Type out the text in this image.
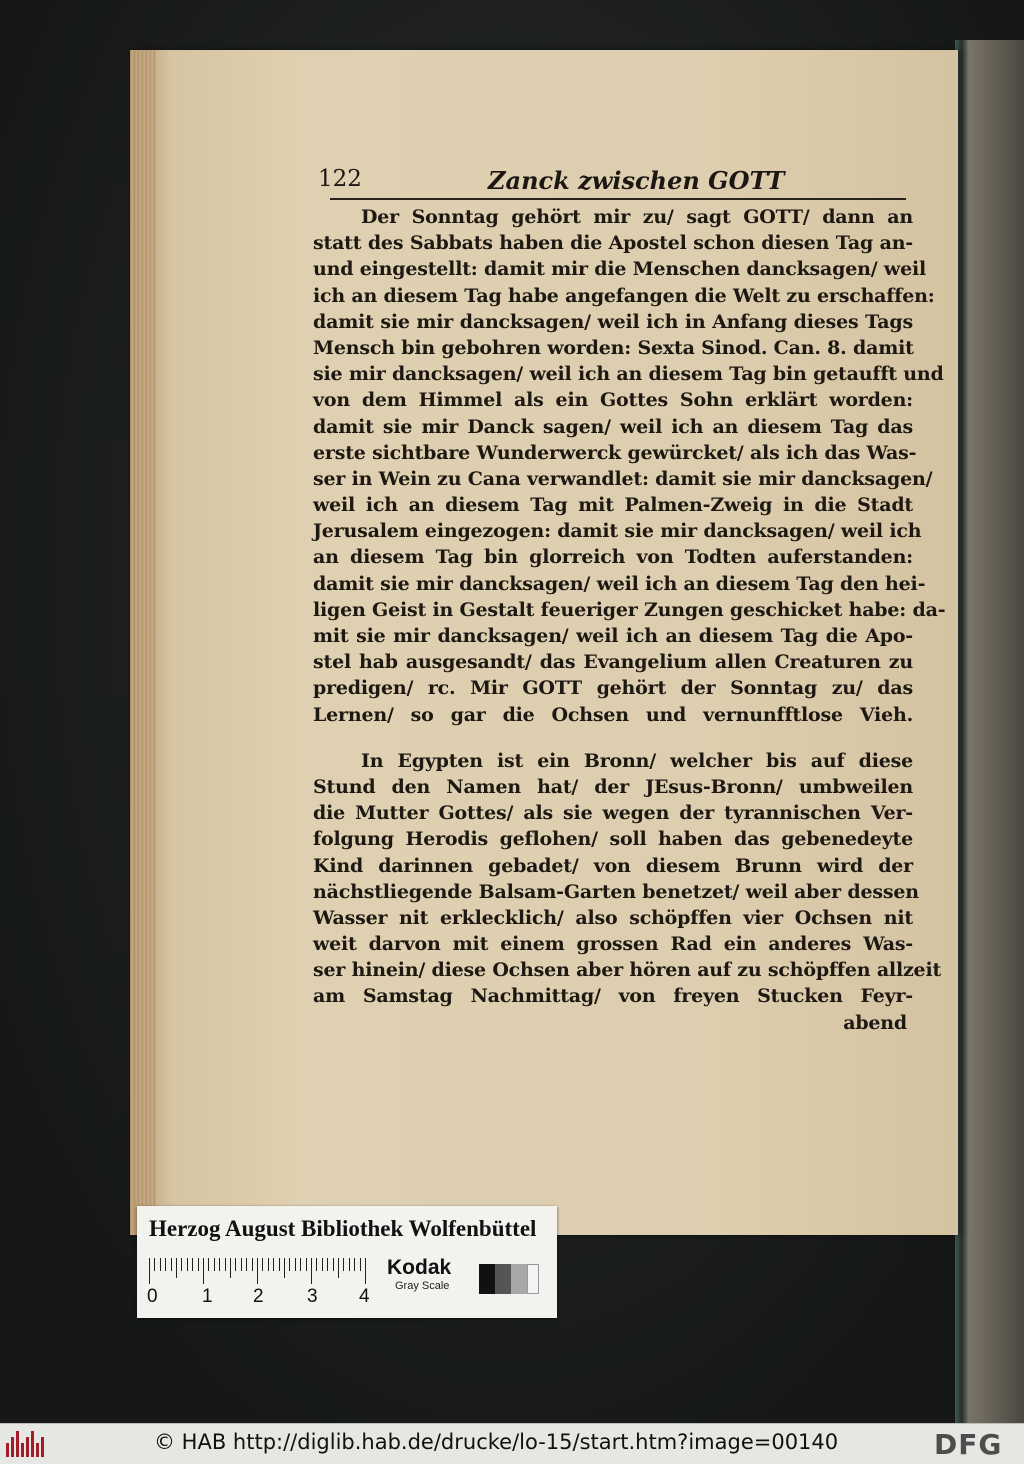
122	Zanck zwischen GOTT
Der Sonntag gehört mir zu/ sagt GOTT/ dann an
statt des Sabbats haben die Apostel schon diesen Tag an-
und eingestellt: damit mir die Menschen dancksagen/ weil
ich an diesem Tag habe angefangen die Welt zu erschaffen:
damit sie mir dancksagen/ weil ich in Anfang dieses Tags
Mensch bin gebohren worden: Sexta Sinod. Can. 8. damit
sie mir dancksagen/ weil ich an diesem Tag bin getaufft und
von dem Himmel als ein Gottes Sohn erklärt worden:
damit sie mir Danck sagen/ weil ich an diesem Tag das
erste sichtbare Wunderwerck gewürcket/ als ich das Was-
ser in Wein zu Cana verwandlet: damit sie mir dancksagen/
weil ich an diesem Tag mit Palmen-Zweig in die Stadt
Jerusalem eingezogen: damit sie mir dancksagen/ weil ich
an diesem Tag bin glorreich von Todten auferstanden:
damit sie mir dancksagen/ weil ich an diesem Tag den hei-
ligen Geist in Gestalt feueriger Zungen geschicket habe: da-
mit sie mir dancksagen/ weil ich an diesem Tag die Apo-
stel hab ausgesandt/ das Evangelium allen Creaturen zu
predigen/ rc. Mir GOTT gehört der Sonntag zu/ das
Lernen/ so gar die Ochsen und vernunfftlose Vieh.
In Egypten ist ein Bronn/ welcher bis auf diese
Stund den Namen hat/ der JEsus-Bronn/ umbweilen
die Mutter Gottes/ als sie wegen der tyrannischen Ver-
folgung Herodis geflohen/ soll haben das gebenedeyte
Kind darinnen gebadet/ von diesem Brunn wird der
nächstliegende Balsam-Garten benetzet/ weil aber dessen
Wasser nit erklecklich/ also schöpffen vier Ochsen nit
weit darvon mit einem grossen Rad ein anderes Was-
ser hinein/ diese Ochsen aber hören auf zu schöpffen allzeit
am Samstag Nachmittag/ von freyen Stucken Feyr-
abend
Herzog August Bibliothek Wolfenbüttel
0 1 2 3 4
Kodak
Gray Scale
© HAB http://diglib.hab.de/drucke/lo-15/start.htm?image=00140	DFG
